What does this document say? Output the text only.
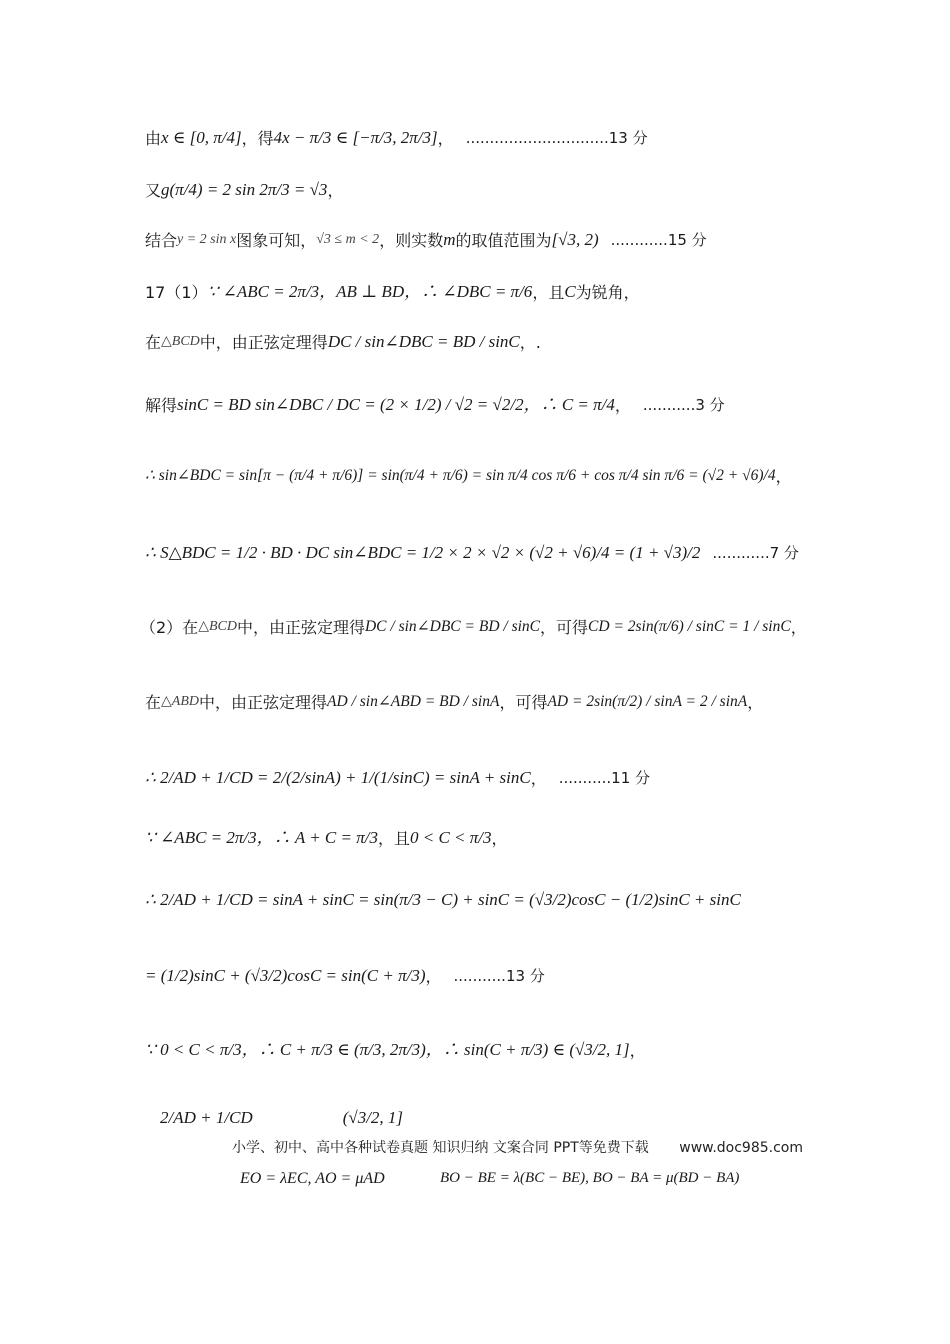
由 x ∈ [0, π/4] ，得 4x − π/3 ∈ [−π/3, 2π/3] ， ..............................13 分
又 g(π/4) = 2 sin 2π/3 = √3 ，
结合 y = 2 sin x 图象可知， √3 ≤ m < 2 ，则实数 m 的取值范围为 [√3, 2) ............15 分
17（1） ∵ ∠ABC = 2π/3，AB ⊥ BD，∴ ∠DBC = π/6 ，且 C 为锐角，
在 △BCD 中，由正弦定理得 DC / sin∠DBC = BD / sinC ，.
解得 sinC = BD sin∠DBC / DC = (2 × 1/2) / √2 = √2/2，∴ C = π/4 ， ...........3 分
∴ sin∠BDC = sin[π − (π/4 + π/6)] = sin(π/4 + π/6) = sin π/4 cos π/6 + cos π/4 sin π/6 = (√2 + √6)/4 ，
∴ S△BDC = 1/2 · BD · DC sin∠BDC = 1/2 × 2 × √2 × (√2 + √6)/4 = (1 + √3)/2 ............7 分
（2）在 △BCD 中，由正弦定理得 DC / sin∠DBC = BD / sinC ，可得 CD = 2sin(π/6) / sinC = 1 / sinC ，
在 △ABD 中，由正弦定理得 AD / sin∠ABD = BD / sinA ，可得 AD = 2sin(π/2) / sinA = 2 / sinA ，
∴ 2/AD + 1/CD = 2/(2/sinA) + 1/(1/sinC) = sinA + sinC ， ...........11 分
∵ ∠ABC = 2π/3，∴ A + C = π/3 ，且 0 < C < π/3 ，
∴ 2/AD + 1/CD = sinA + sinC = sin(π/3 − C) + sinC = (√3/2)cosC − (1/2)sinC + sinC
= (1/2)sinC + (√3/2)cosC = sin(C + π/3) ， ...........13 分
∵ 0 < C < π/3，∴ C + π/3 ∈ (π/3, 2π/3)，∴ sin(C + π/3) ∈ (√3/2, 1] ，
2/AD + 1/CD	(√3/2, 1]
小学、初中、高中各种试卷真题 知识归纳 文案合同 PPT等免费下载 www.doc985.com
EO = λEC, AO = μAD	BO − BE = λ(BC − BE), BO − BA = μ(BD − BA)
